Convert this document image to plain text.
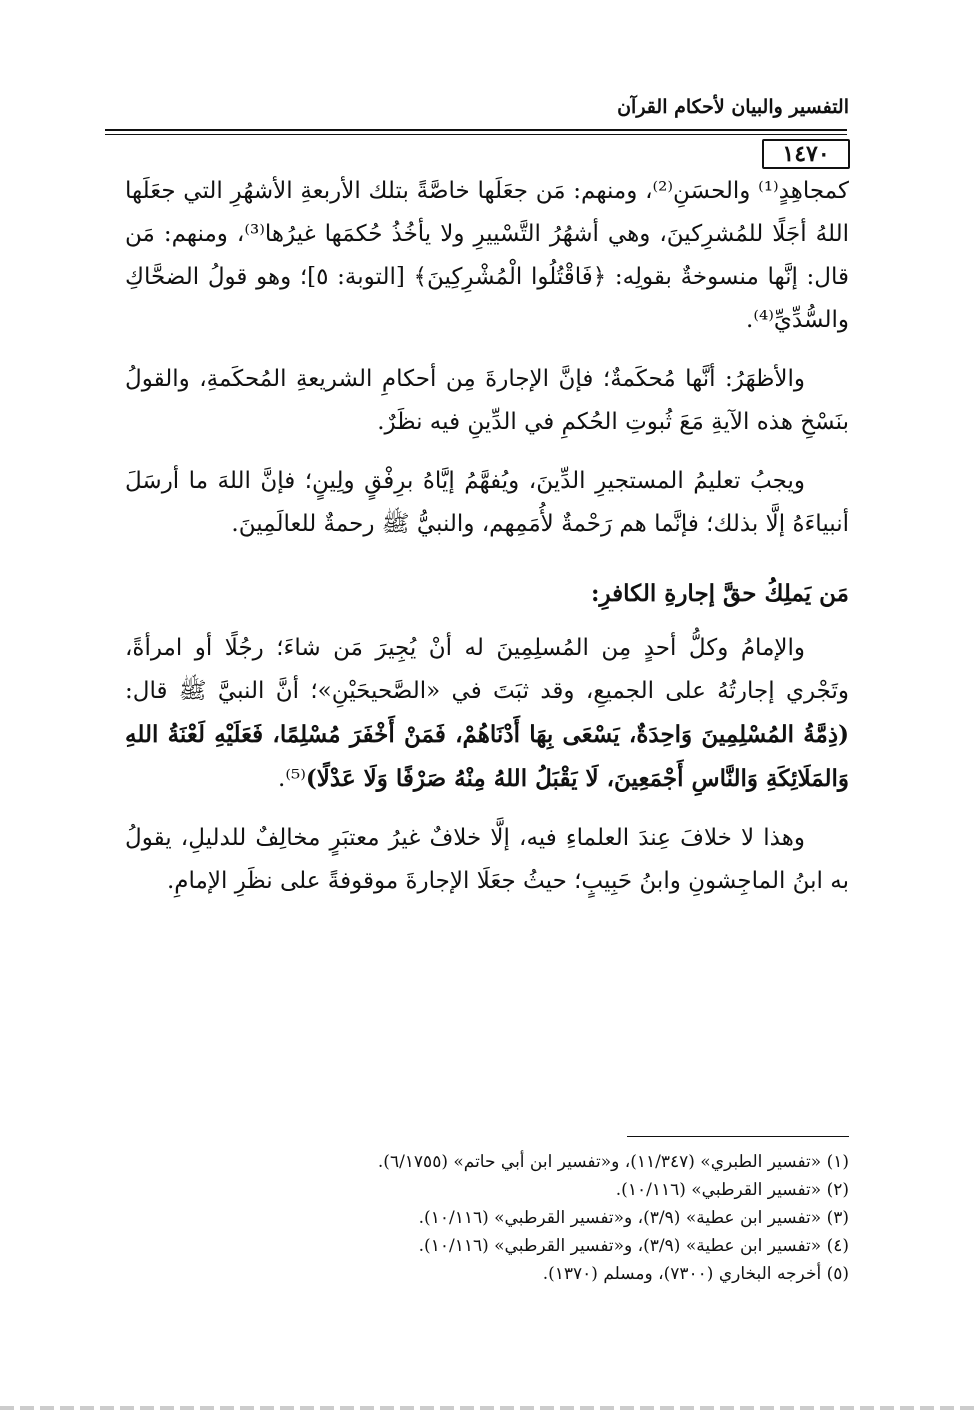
التفسير والبيان لأحكام القرآن
١٤٧٠

كمجاهِدٍ⁽¹⁾ والحسَنِ⁽²⁾، ومنهم: مَن جعَلَها خاصَّةً بتلك الأربعةِ الأشهُرِ التي جعَلَها اللهُ أجَلًا للمُشرِكينَ، وهي أشهُرُ التَّسْييرِ ولا يأخُذُ حُكمَها غيرُها⁽³⁾، ومنهم: مَن قال: إنَّها منسوخةٌ بقولِه: ﴿فَاقْتُلُوا الْمُشْرِكِينَ﴾ [التوبة: ٥]؛ وهو قولُ الضحَّاكِ والسُّدِّيِّ⁽⁴⁾.

والأظهَرُ: أنَّها مُحكَمةٌ؛ فإنَّ الإجارةَ مِن أحكامِ الشريعةِ المُحكَمةِ، والقولُ بنَسْخِ هذه الآيةِ مَعَ ثُبوتِ الحُكمِ في الدِّينِ فيه نظَرٌ.

ويجبُ تعليمُ المستجيرِ الدِّينَ، ويُفهَّمُ إيَّاهُ برِفْقٍ ولِينٍ؛ فإنَّ اللهَ ما أرسَلَ أنبياءَهُ إلَّا بذلك؛ فإنَّما هم رَحْمةٌ لأُمَمِهم، والنبيُّ ﷺ رحمةٌ للعالَمِينَ.

مَن يَملِكُ حقَّ إجارةِ الكافرِ:

والإمامُ وكلُّ أحدٍ مِن المُسلِمِينَ له أنْ يُجِيرَ مَن شاءَ؛ رجُلًا أو امرأةً، وتَجْري إجارتُهُ على الجميعِ، وقد ثبَتَ في «الصَّحيحَيْنِ»؛ أنَّ النبيَّ ﷺ قال: (ذِمَّةُ المُسْلِمِينَ وَاحِدَةٌ، يَسْعَى بِهَا أَدْنَاهُمْ، فَمَنْ أَخْفَرَ مُسْلِمًا، فَعَلَيْهِ لَعْنَةُ اللهِ وَالمَلَائِكَةِ وَالنَّاسِ أَجْمَعِينَ، لَا يَقْبَلُ اللهُ مِنْهُ صَرْفًا وَلَا عَدْلًا)⁽⁵⁾.

وهذا لا خلافَ عِندَ العلماءِ فيه، إلَّا خلافٌ غيرُ معتبَرٍ مخالِفٌ للدليلِ، يقولُ به ابنُ الماجِشونِ وابنُ حَبِيبٍ؛ حيثُ جعَلَا الإجارةَ موقوفةً على نظَرِ الإمامِ.

(١) «تفسير الطبري» (١١/٣٤٧)، و«تفسير ابن أبي حاتم» (٦/١٧٥٥).
(٢) «تفسير القرطبي» (١٠/١١٦).
(٣) «تفسير ابن عطية» (٣/٩)، و«تفسير القرطبي» (١٠/١١٦).
(٤) «تفسير ابن عطية» (٣/٩)، و«تفسير القرطبي» (١٠/١١٦).
(٥) أخرجه البخاري (٧٣٠٠)، ومسلم (١٣٧٠).
